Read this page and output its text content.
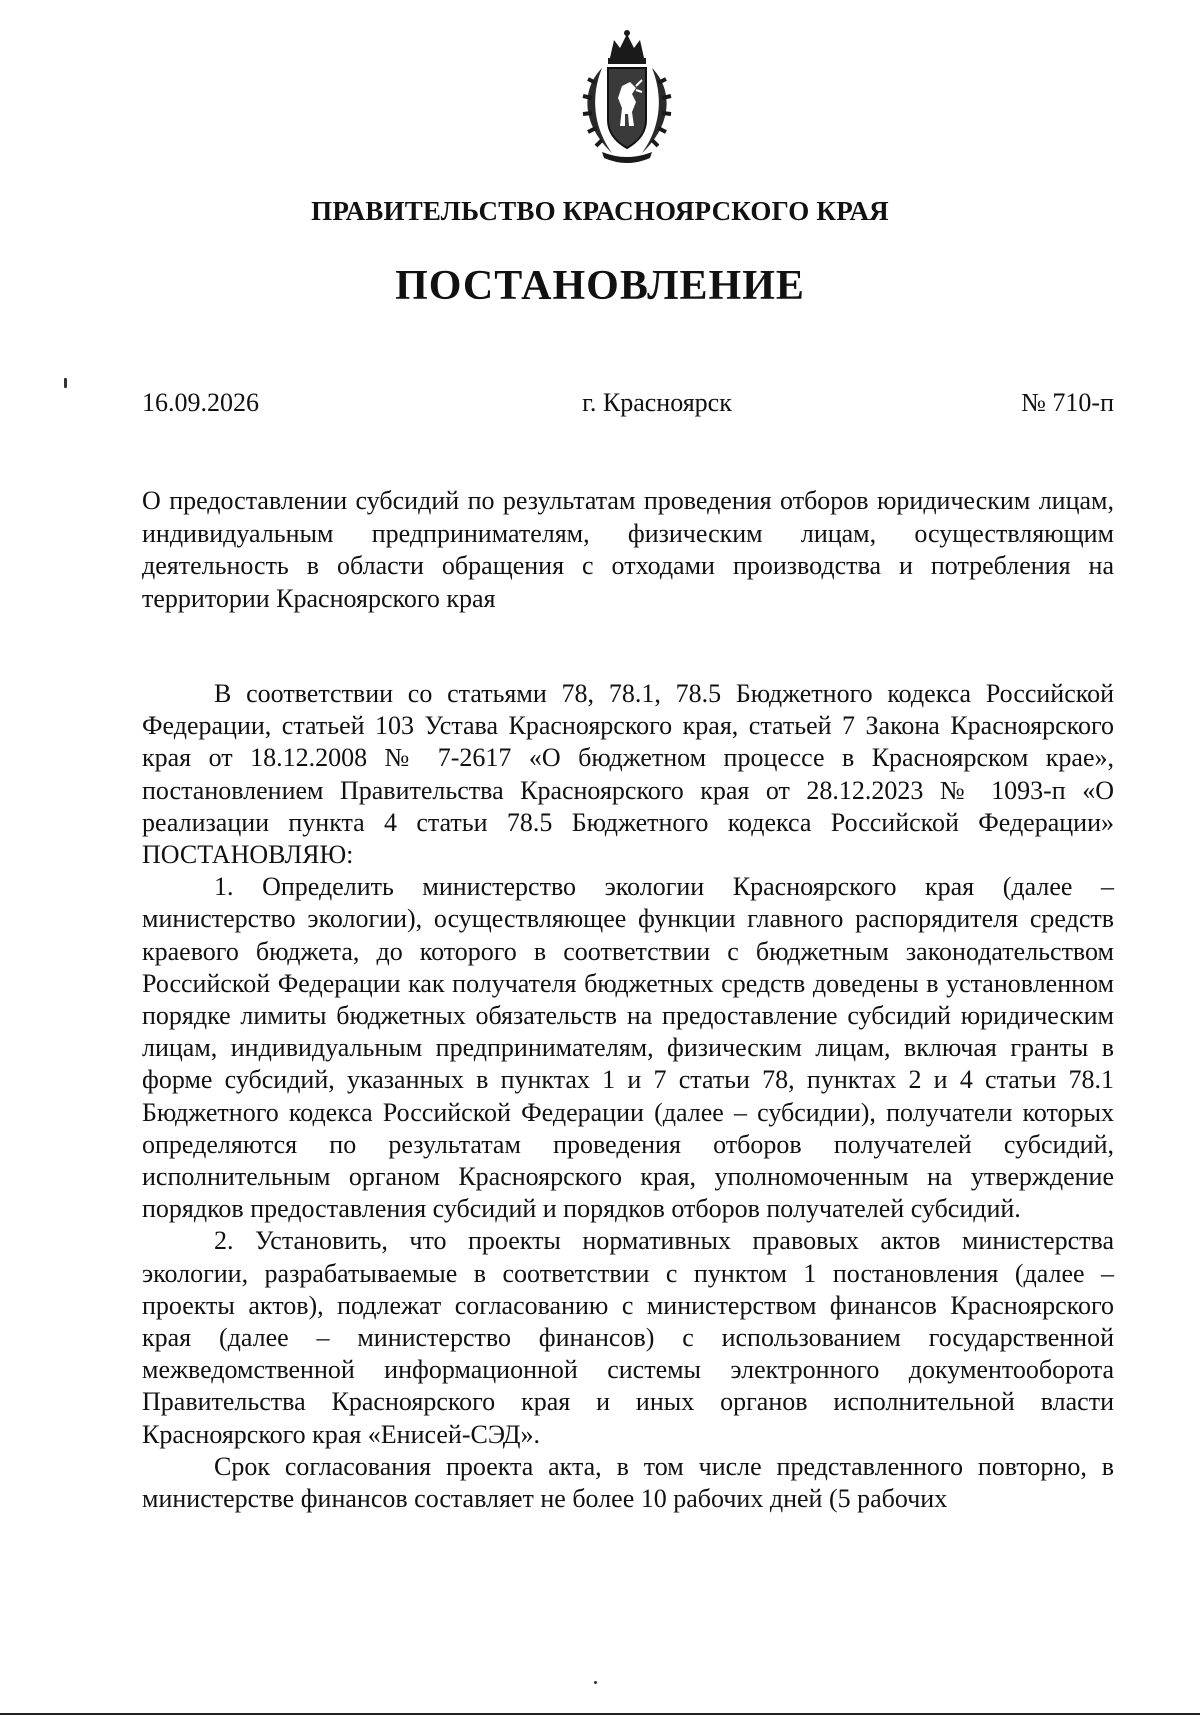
ПРАВИТЕЛЬСТВО КРАСНОЯРСКОГО КРАЯ
ПОСТАНОВЛЕНИЕ
16.09.2026	г. Красноярск	№ 710-п
О предоставлении субсидий по результатам проведения отборов юридическим лицам, индивидуальным предпринимателям, физическим лицам, осуществляющим деятельность в области обращения с отходами производства и потребления на территории Красноярского края

В соответствии со статьями 78, 78.1, 78.5 Бюджетного кодекса Российской Федерации, статьей 103 Устава Красноярского края, статьей 7 Закона Красноярского края от 18.12.2008 № 7-2617 «О бюджетном процессе в Красноярском крае», постановлением Правительства Красноярского края от 28.12.2023 № 1093-п «О реализации пункта 4 статьи 78.5 Бюджетного кодекса Российской Федерации» ПОСТАНОВЛЯЮ:

1. Определить министерство экологии Красноярского края (далее – министерство экологии), осуществляющее функции главного распорядителя средств краевого бюджета, до которого в соответствии с бюджетным законодательством Российской Федерации как получателя бюджетных средств доведены в установленном порядке лимиты бюджетных обязательств на предоставление субсидий юридическим лицам, индивидуальным предпринимателям, физическим лицам, включая гранты в форме субсидий, указанных в пунктах 1 и 7 статьи 78, пунктах 2 и 4 статьи 78.1 Бюджетного кодекса Российской Федерации (далее – субсидии), получатели которых определяются по результатам проведения отборов получателей субсидий, исполнительным органом Красноярского края, уполномоченным на утверждение порядков предоставления субсидий и порядков отборов получателей субсидий.

2. Установить, что проекты нормативных правовых актов министерства экологии, разрабатываемые в соответствии с пунктом 1 постановления (далее – проекты актов), подлежат согласованию с министерством финансов Красноярского края (далее – министерство финансов) с использованием государственной межведомственной информационной системы электронного документооборота Правительства Красноярского края и иных органов исполнительной власти Красноярского края «Енисей-СЭД».

Срок согласования проекта акта, в том числе представленного повторно, в министерстве финансов составляет не более 10 рабочих дней (5 рабочих
